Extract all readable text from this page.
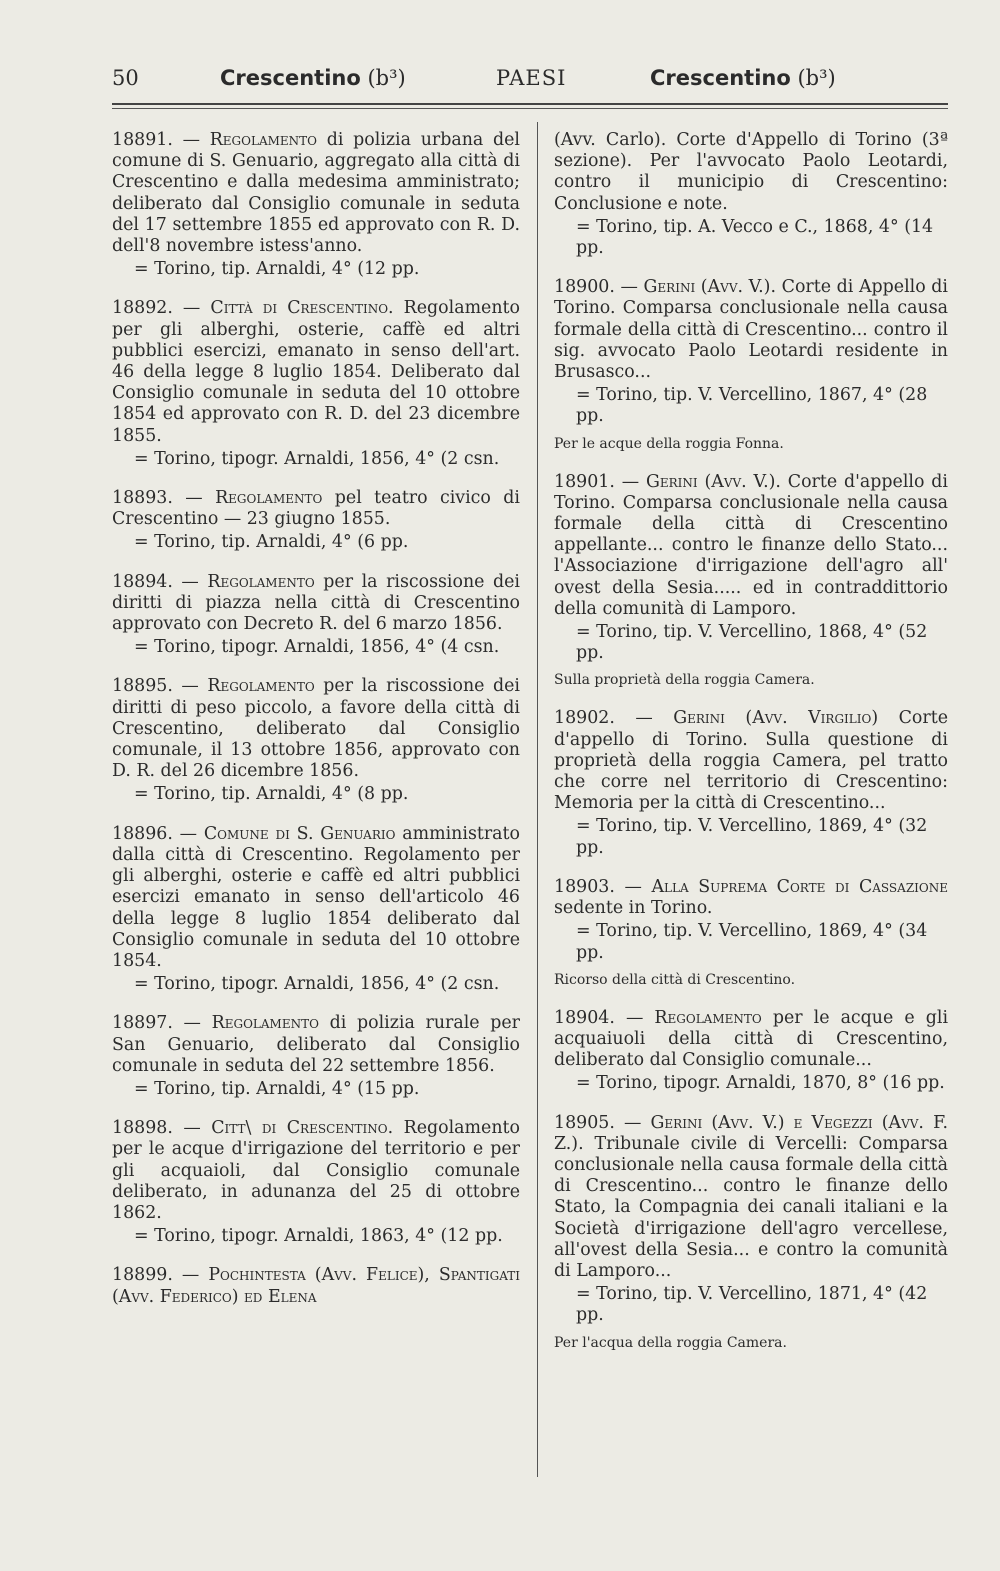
50	Crescentino (b³)	PAESI	Crescentino (b³)

18891. — Regolamento di polizia urbana del comune di S. Genuario, aggregato alla città di Crescentino e dalla medesima amministrato; deliberato dal Consiglio comunale in seduta del 17 settembre 1855 ed approvato con R. D. dell'8 novembre istess'anno.

= Torino, tip. Arnaldi, 4° (12 pp.

18892. — Città di Crescentino. Regolamento per gli alberghi, osterie, caffè ed altri pubblici esercizi, emanato in senso dell'art. 46 della legge 8 luglio 1854. Deliberato dal Consiglio comunale in seduta del 10 ottobre 1854 ed approvato con R. D. del 23 dicembre 1855.

= Torino, tipogr. Arnaldi, 1856, 4° (2 csn.

18893. — Regolamento pel teatro civico di Crescentino — 23 giugno 1855.

= Torino, tip. Arnaldi, 4° (6 pp.

18894. — Regolamento per la riscossione dei diritti di piazza nella città di Crescentino approvato con Decreto R. del 6 marzo 1856.

= Torino, tipogr. Arnaldi, 1856, 4° (4 csn.

18895. — Regolamento per la riscossione dei diritti di peso piccolo, a favore della città di Crescentino, deliberato dal Consiglio comunale, il 13 ottobre 1856, approvato con D. R. del 26 dicembre 1856.

= Torino, tip. Arnaldi, 4° (8 pp.

18896. — Comune di S. Genuario amministrato dalla città di Crescentino. Regolamento per gli alberghi, osterie e caffè ed altri pubblici esercizi emanato in senso dell'articolo 46 della legge 8 luglio 1854 deliberato dal Consiglio comunale in seduta del 10 ottobre 1854.

= Torino, tipogr. Arnaldi, 1856, 4° (2 csn.

18897. — Regolamento di polizia rurale per San Genuario, deliberato dal Consiglio comunale in seduta del 22 settembre 1856.

= Torino, tip. Arnaldi, 4° (15 pp.

18898. — Citt\ di Crescentino. Regolamento per le acque d'irrigazione del territorio e per gli acquaioli, dal Consiglio comunale deliberato, in adunanza del 25 di ottobre 1862.

= Torino, tipogr. Arnaldi, 1863, 4° (12 pp.

18899. — Pochintesta (Avv. Felice), Spantigati (Avv. Federico) ed Elena

(Avv. Carlo). Corte d'Appello di Torino (3ª sezione). Per l'avvocato Paolo Leotardi, contro il municipio di Crescentino: Conclusione e note.

= Torino, tip. A. Vecco e C., 1868, 4° (14 pp.

18900. — Gerini (Avv. V.). Corte di Appello di Torino. Comparsa conclusionale nella causa formale della città di Crescentino... contro il sig. avvocato Paolo Leotardi residente in Brusasco...

= Torino, tip. V. Vercellino, 1867, 4° (28 pp.

Per le acque della roggia Fonna.

18901. — Gerini (Avv. V.). Corte d'appello di Torino. Comparsa conclusionale nella causa formale della città di Crescentino appellante... contro le finanze dello Stato... l'Associazione d'irrigazione dell'agro all' ovest della Sesia..... ed in contraddittorio della comunità di Lamporo.

= Torino, tip. V. Vercellino, 1868, 4° (52 pp.

Sulla proprietà della roggia Camera.

18902. — Gerini (Avv. Virgilio) Corte d'appello di Torino. Sulla questione di proprietà della roggia Camera, pel tratto che corre nel territorio di Crescentino: Memoria per la città di Crescentino...

= Torino, tip. V. Vercellino, 1869, 4° (32 pp.

18903. — Alla Suprema Corte di Cassazione sedente in Torino.

= Torino, tip. V. Vercellino, 1869, 4° (34 pp.

Ricorso della città di Crescentino.

18904. — Regolamento per le acque e gli acquaiuoli della città di Crescentino, deliberato dal Consiglio comunale...

= Torino, tipogr. Arnaldi, 1870, 8° (16 pp.

18905. — Gerini (Avv. V.) e Vegezzi (Avv. F. Z.). Tribunale civile di Vercelli: Comparsa conclusionale nella causa formale della città di Crescentino... contro le finanze dello Stato, la Compagnia dei canali italiani e la Società d'irrigazione dell'agro vercellese, all'ovest della Sesia... e contro la comunità di Lamporo...

= Torino, tip. V. Vercellino, 1871, 4° (42 pp.

Per l'acqua della roggia Camera.
